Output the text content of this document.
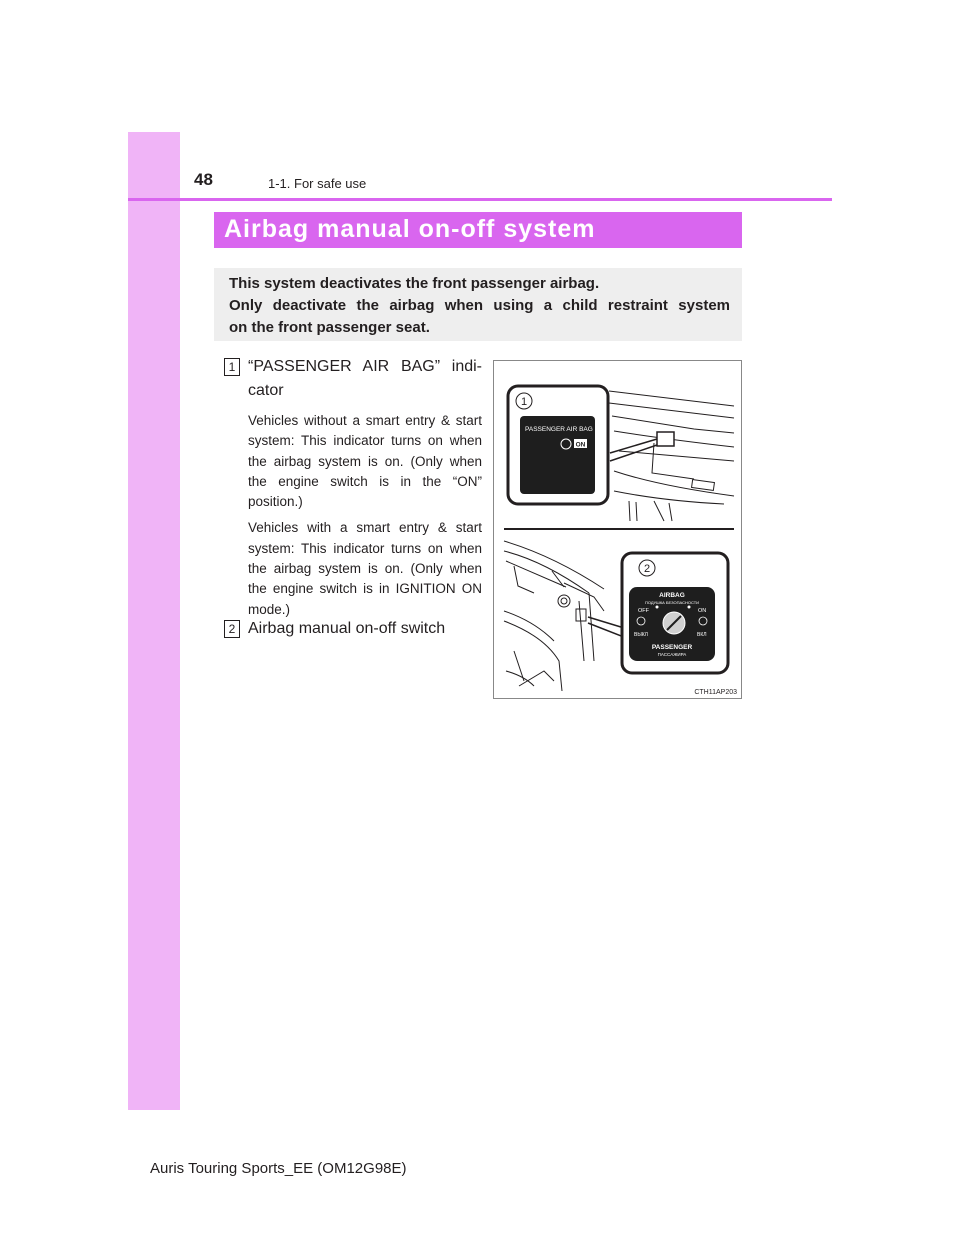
48	1-1. For safe use
Airbag manual on-off system

This system deactivates the front passenger airbag.

Only deactivate the airbag when using a child restraint system

on the front passenger seat.

1 “PASSENGER AIR BAG” indi-
cator

Vehicles without a smart entry & start system: This indicator turns on when the airbag system is on. (Only when the engine switch is in the “ON” position.)

Vehicles with a smart entry & start system: This indicator turns on when the airbag system is on. (Only when the engine switch is in IGNITION ON mode.)

2 Airbag manual on-off switch
1
PASSENGER AIR BAG
ON
2
AIRBAG
ПОДУШКА БЕЗОПАСНОСТИ
OFF	ON
ВЫКЛ	ВКЛ
PASSENGER
ПАССАЖИРА
CTH11AP203
Auris Touring Sports_EE (OM12G98E)
